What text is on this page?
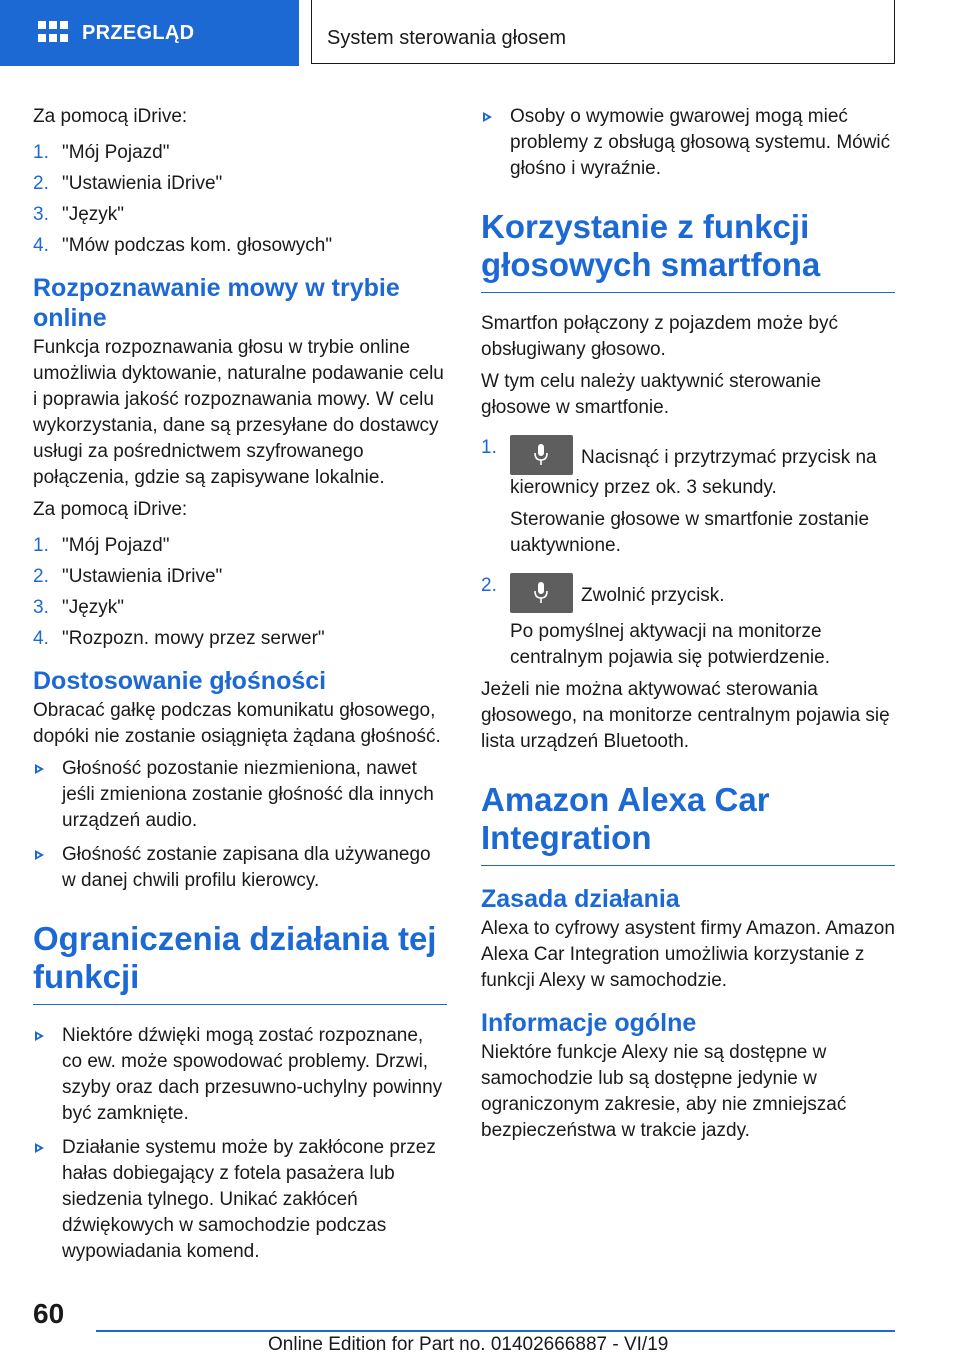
PRZEGLĄD	System sterowania głosem
Za pomocą iDrive:
1. "Mój Pojazd"
2. "Ustawienia iDrive"
3. "Język"
4. "Mów podczas kom. głosowych"
Rozpoznawanie mowy w trybie online
Funkcja rozpoznawania głosu w trybie online umożliwia dyktowanie, naturalne podawanie celu i poprawia jakość rozpoznawania mowy. W celu wykorzystania, dane są przesyłane do dostawcy usługi za pośrednictwem szyfrowanego połączenia, gdzie są zapisywane lokalnie.
Za pomocą iDrive:
1. "Mój Pojazd"
2. "Ustawienia iDrive"
3. "Język"
4. "Rozpozn. mowy przez serwer"
Dostosowanie głośności
Obracać gałkę podczas komunikatu głosowego, dopóki nie zostanie osiągnięta żądana głośność.
Głośność pozostanie niezmieniona, nawet jeśli zmieniona zostanie głośność dla innych urządzeń audio.
Głośność zostanie zapisana dla używanego w danej chwili profilu kierowcy.
Ograniczenia działania tej funkcji
Niektóre dźwięki mogą zostać rozpoznane, co ew. może spowodować problemy. Drzwi, szyby oraz dach przesuwno-uchylny powinny być zamknięte.
Działanie systemu może by zakłócone przez hałas dobiegający z fotela pasażera lub siedzenia tylnego. Unikać zakłóceń dźwiękowych w samochodzie podczas wypowiadania komend.
Osoby o wymowie gwarowej mogą mieć problemy z obsługą głosową systemu. Mówić głośno i wyraźnie.
Korzystanie z funkcji głosowych smartfona
Smartfon połączony z pojazdem może być obsługiwany głosowo.
W tym celu należy uaktywnić sterowanie głosowe w smartfonie.
1.	Nacisnąć i przytrzymać przycisk na kierownicy przez ok. 3 sekundy.
Sterowanie głosowe w smartfonie zostanie uaktywnione.
2.	Zwolnić przycisk.
Po pomyślnej aktywacji na monitorze centralnym pojawia się potwierdzenie.
Jeżeli nie można aktywować sterowania głosowego, na monitorze centralnym pojawia się lista urządzeń Bluetooth.
Amazon Alexa Car Integration
Zasada działania
Alexa to cyfrowy asystent firmy Amazon. Amazon Alexa Car Integration umożliwia korzystanie z funkcji Alexy w samochodzie.
Informacje ogólne
Niektóre funkcje Alexy nie są dostępne w samochodzie lub są dostępne jedynie w ograniczonym zakresie, aby nie zmniejszać bezpieczeństwa w trakcie jazdy.
60
Online Edition for Part no. 01402666887 - VI/19
